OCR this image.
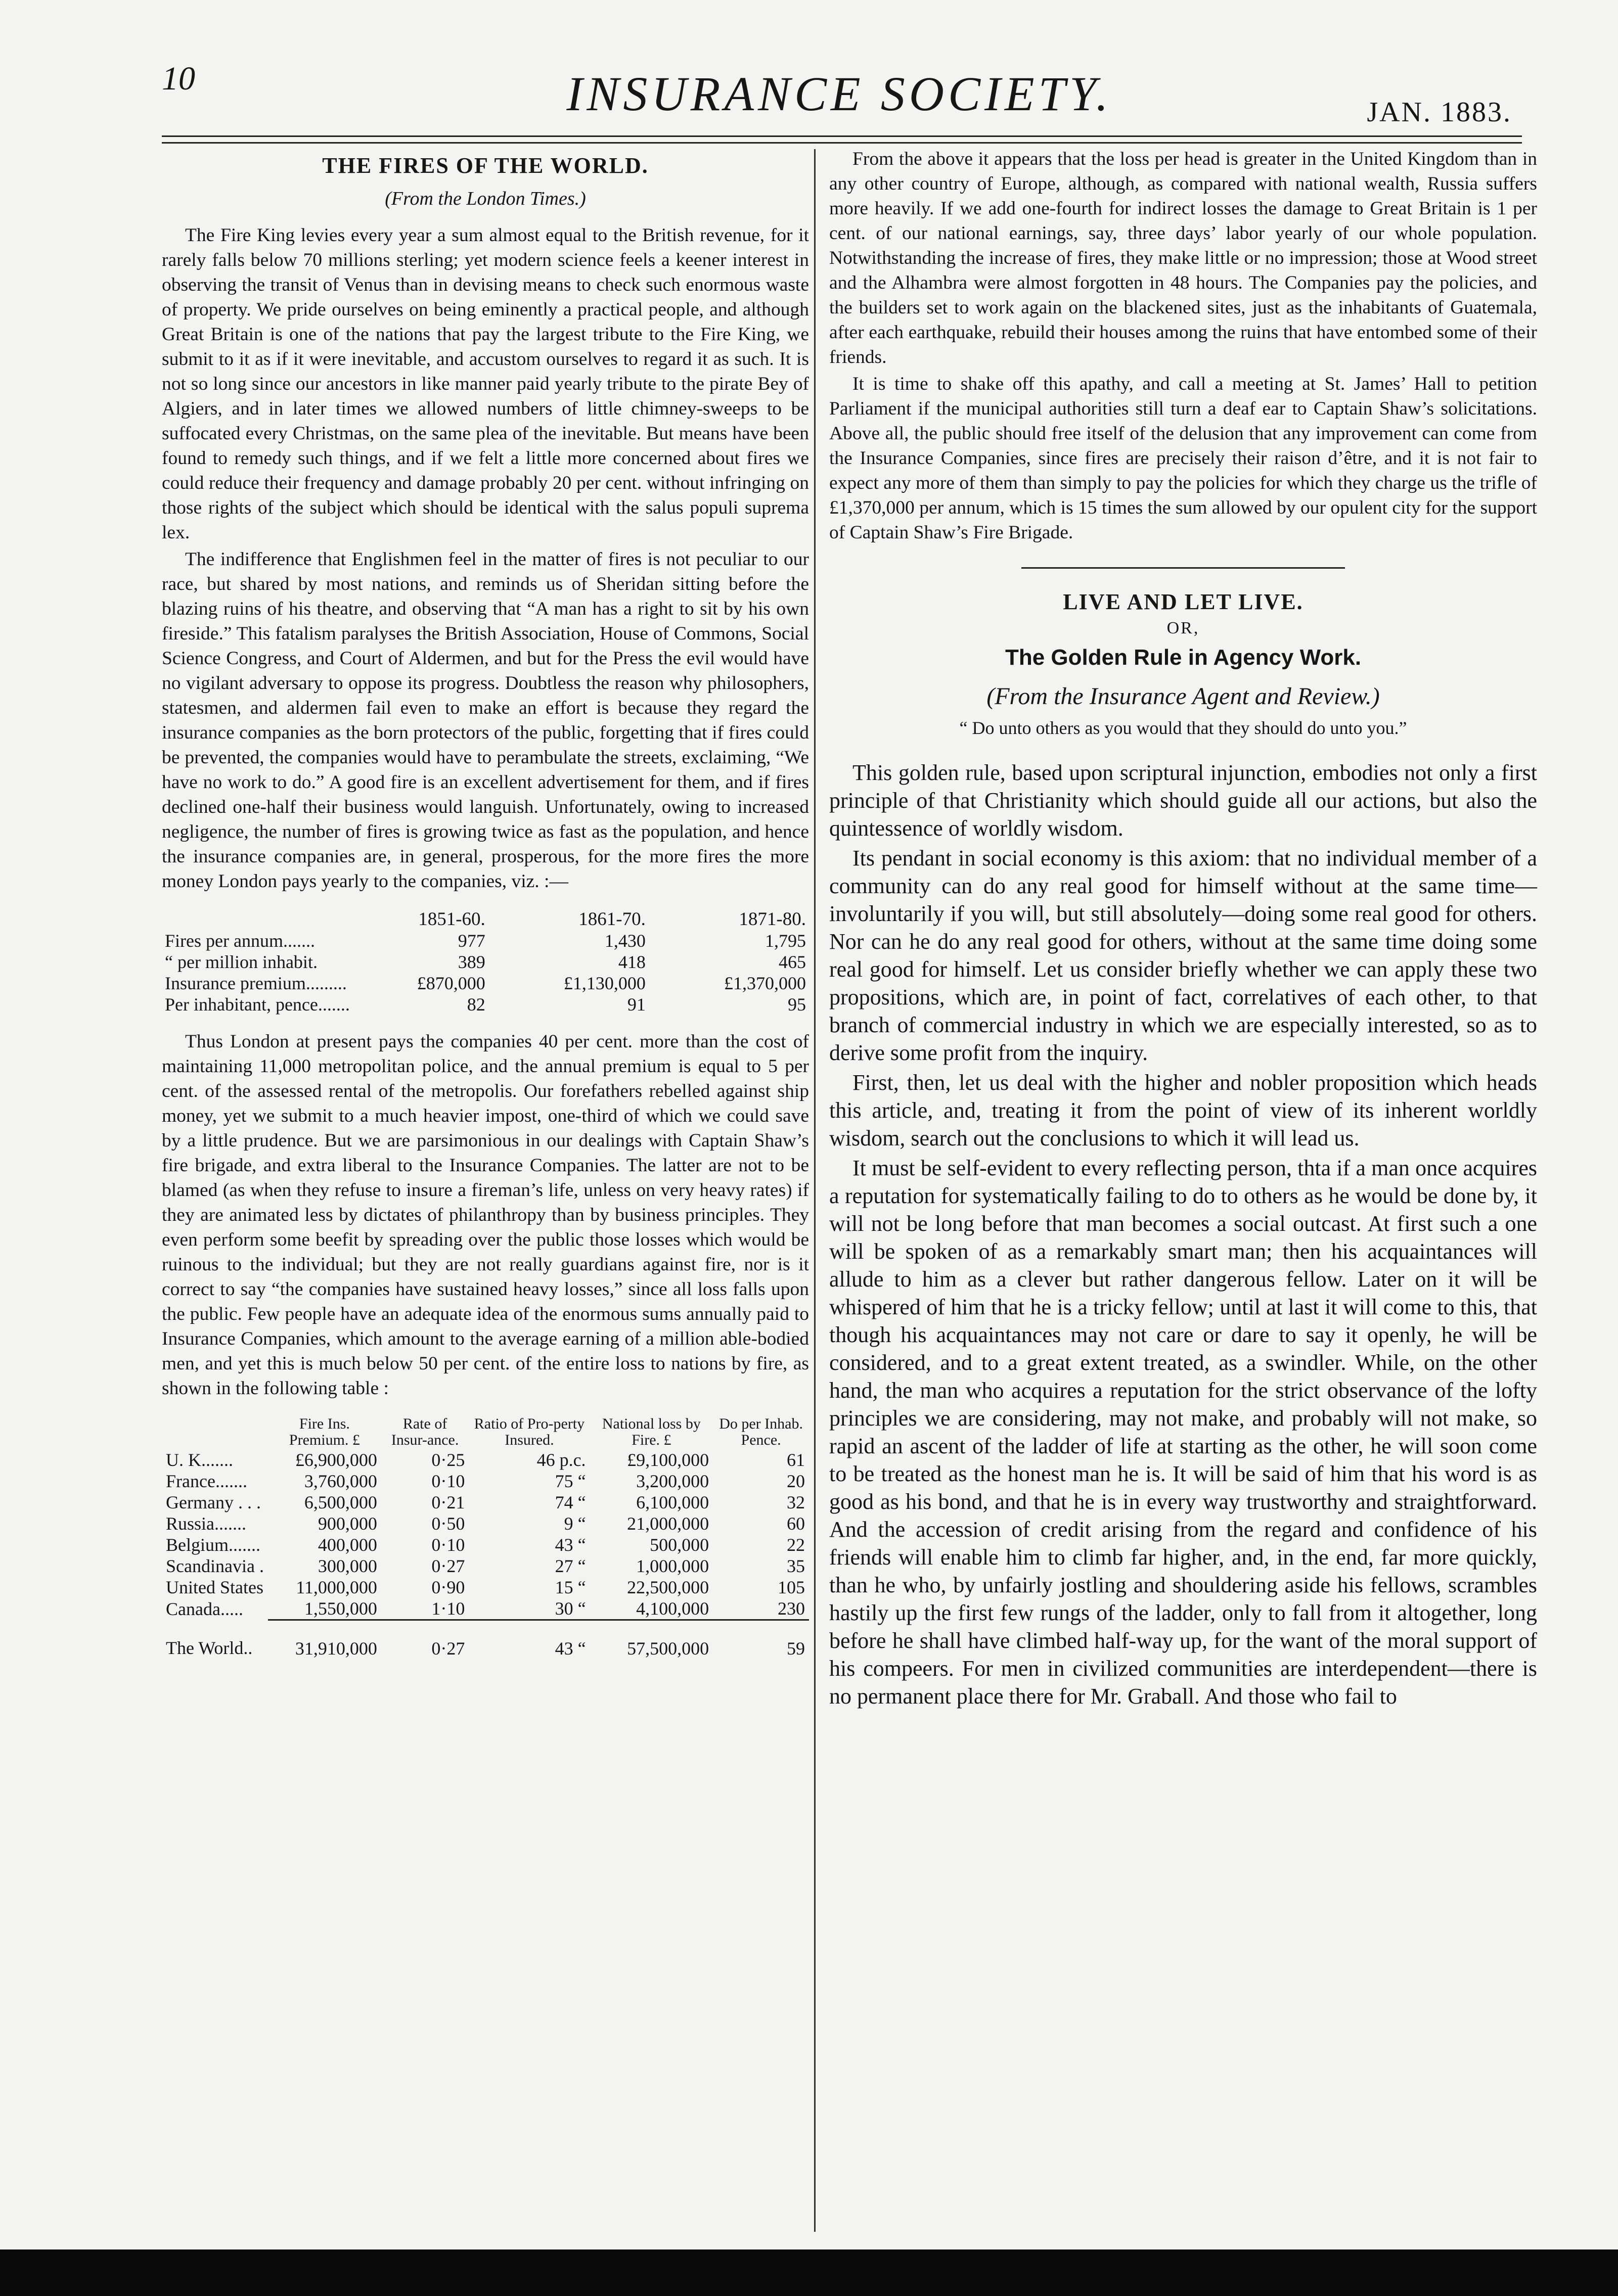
10	INSURANCE SOCIETY.	JAN. 1883.
THE FIRES OF THE WORLD.
(From the London Times.)

The Fire King levies every year a sum almost equal to the British revenue, for it rarely falls below 70 millions sterling; yet modern science feels a keener interest in observing the transit of Venus than in devising means to check such enormous waste of property. We pride ourselves on being eminently a practical people, and although Great Britain is one of the nations that pay the largest tribute to the Fire King, we submit to it as if it were inevitable, and accustom ourselves to regard it as such. It is not so long since our ancestors in like manner paid yearly tribute to the pirate Bey of Algiers, and in later times we allowed numbers of little chimney-sweeps to be suffocated every Christmas, on the same plea of the inevitable. But means have been found to remedy such things, and if we felt a little more concerned about fires we could reduce their frequency and damage probably 20 per cent. without infringing on those rights of the subject which should be identical with the salus populi suprema lex.

The indifference that Englishmen feel in the matter of fires is not peculiar to our race, but shared by most nations, and reminds us of Sheridan sitting before the blazing ruins of his theatre, and observing that “A man has a right to sit by his own fireside.” This fatalism paralyses the British Association, House of Commons, Social Science Congress, and Court of Aldermen, and but for the Press the evil would have no vigilant adversary to oppose its progress. Doubtless the reason why philosophers, statesmen, and aldermen fail even to make an effort is because they regard the insurance companies as the born protectors of the public, forgetting that if fires could be prevented, the companies would have to perambulate the streets, exclaiming, “We have no work to do.” A good fire is an excellent advertisement for them, and if fires declined one-half their business would languish. Unfortunately, owing to increased negligence, the number of fires is growing twice as fast as the population, and hence the insurance companies are, in general, prosperous, for the more fires the more money London pays yearly to the companies, viz. :—

	1851-60.	1861-70.	1871-80.
Fires per annum.......	977	1,430	1,795
“ per million inhabit.	389	418	465
Insurance premium.........	£870,000	£1,130,000	£1,370,000
Per inhabitant, pence.......	82	91	95

Thus London at present pays the companies 40 per cent. more than the cost of maintaining 11,000 metropolitan police, and the annual premium is equal to 5 per cent. of the assessed rental of the metropolis. Our forefathers rebelled against ship money, yet we submit to a much heavier impost, one-third of which we could save by a little prudence. But we are parsimonious in our dealings with Captain Shaw’s fire brigade, and extra liberal to the Insurance Companies. The latter are not to be blamed (as when they refuse to insure a fireman’s life, unless on very heavy rates) if they are animated less by dictates of philanthropy than by business principles. They even perform some beefit by spreading over the public those losses which would be ruinous to the individual; but they are not really guardians against fire, nor is it correct to say “the companies have sustained heavy losses,” since all loss falls upon the public. Few people have an adequate idea of the enormous sums annually paid to Insurance Companies, which amount to the average earning of a million able-bodied men, and yet this is much below 50 per cent. of the entire loss to nations by fire, as shown in the following table :

	Fire Ins. Premium. £	Rate of Insur-ance.	Ratio of Pro-perty Insured.	National loss by Fire. £	Do per Inhab. Pence.
U. K.......	£6,900,000	0·25	46 p.c.	£9,100,000	61
France.......	3,760,000	0·10	75 “	3,200,000	20
Germany . . .	6,500,000	0·21	74 “	6,100,000	32
Russia.......	900,000	0·50	9 “	21,000,000	60
Belgium.......	400,000	0·10	43 “	500,000	22
Scandinavia .	300,000	0·27	27 “	1,000,000	35
United States	11,000,000	0·90	15 “	22,500,000	105
Canada.....	1,550,000	1·10	30 “	4,100,000	230
The World..	31,910,000	0·27	43 “	57,500,000	59

From the above it appears that the loss per head is greater in the United Kingdom than in any other country of Europe, although, as compared with national wealth, Russia suffers more heavily. If we add one-fourth for indirect losses the damage to Great Britain is 1 per cent. of our national earnings, say, three days’ labor yearly of our whole population. Notwithstanding the increase of fires, they make little or no impression; those at Wood street and the Alhambra were almost forgotten in 48 hours. The Companies pay the policies, and the builders set to work again on the blackened sites, just as the inhabitants of Guatemala, after each earthquake, rebuild their houses among the ruins that have entombed some of their friends.

It is time to shake off this apathy, and call a meeting at St. James’ Hall to petition Parliament if the municipal authorities still turn a deaf ear to Captain Shaw’s solicitations. Above all, the public should free itself of the delusion that any improvement can come from the Insurance Companies, since fires are precisely their raison d’être, and it is not fair to expect any more of them than simply to pay the policies for which they charge us the trifle of £1,370,000 per annum, which is 15 times the sum allowed by our opulent city for the support of Captain Shaw’s Fire Brigade.

LIVE AND LET LIVE.
OR,
The Golden Rule in Agency Work.
(From the Insurance Agent and Review.)
“ Do unto others as you would that they should do unto you.”

This golden rule, based upon scriptural injunction, embodies not only a first principle of that Christianity which should guide all our actions, but also the quintessence of worldly wisdom.

Its pendant in social economy is this axiom: that no individual member of a community can do any real good for himself without at the same time—involuntarily if you will, but still absolutely—doing some real good for others. Nor can he do any real good for others, without at the same time doing some real good for himself. Let us consider briefly whether we can apply these two propositions, which are, in point of fact, correlatives of each other, to that branch of commercial industry in which we are especially interested, so as to derive some profit from the inquiry.

First, then, let us deal with the higher and nobler proposition which heads this article, and, treating it from the point of view of its inherent worldly wisdom, search out the conclusions to which it will lead us.

It must be self-evident to every reflecting person, thta if a man once acquires a reputation for systematically failing to do to others as he would be done by, it will not be long before that man becomes a social outcast. At first such a one will be spoken of as a remarkably smart man; then his acquaintances will allude to him as a clever but rather dangerous fellow. Later on it will be whispered of him that he is a tricky fellow; until at last it will come to this, that though his acquaintances may not care or dare to say it openly, he will be considered, and to a great extent treated, as a swindler. While, on the other hand, the man who acquires a reputation for the strict observance of the lofty principles we are considering, may not make, and probably will not make, so rapid an ascent of the ladder of life at starting as the other, he will soon come to be treated as the honest man he is. It will be said of him that his word is as good as his bond, and that he is in every way trustworthy and straightforward. And the accession of credit arising from the regard and confidence of his friends will enable him to climb far higher, and, in the end, far more quickly, than he who, by unfairly jostling and shouldering aside his fellows, scrambles hastily up the first few rungs of the ladder, only to fall from it altogether, long before he shall have climbed half-way up, for the want of the moral support of his compeers. For men in civilized communities are interdependent—there is no permanent place there for Mr. Graball. And those who fail to
